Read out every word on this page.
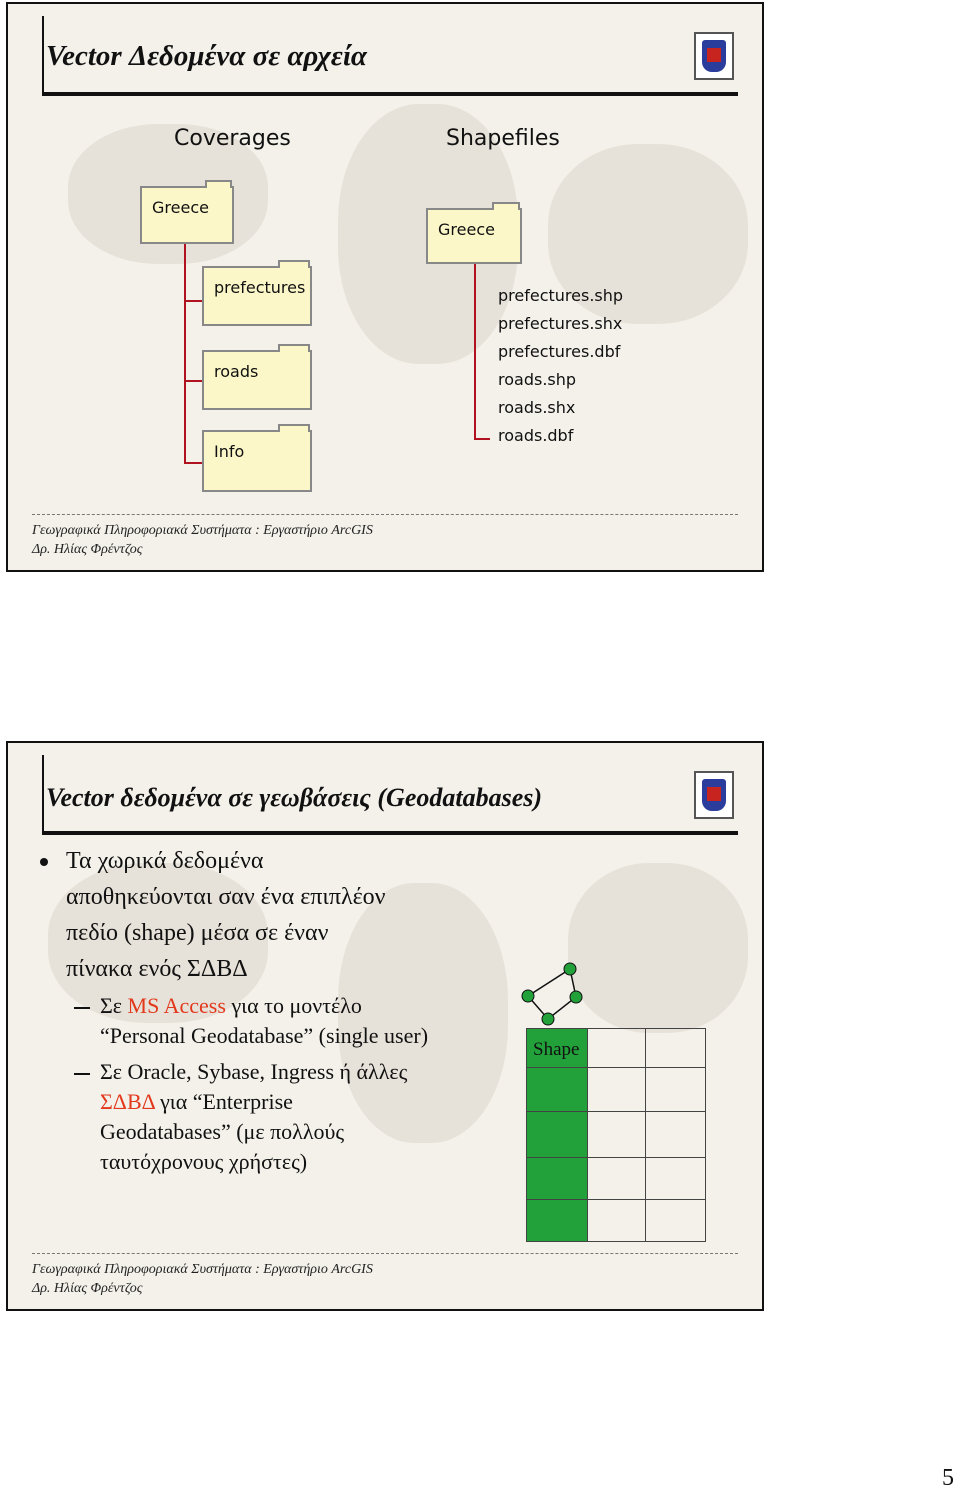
Vector Δεδομένα σε αρχεία
Coverages	Shapefiles
Greece
prefectures
roads
Info
Greece
prefectures.shp
prefectures.shx
prefectures.dbf
roads.shp
roads.shx
roads.dbf
Γεωγραφικά Πληροφοριακά Συστήματα : Εργαστήριο ArcGIS
Δρ. Ηλίας Φρέντζος
Vector δεδομένα σε γεωβάσεις (Geodatabases)
Τα χωρικά δεδομένα
αποθηκεύονται σαν ένα επιπλέον
πεδίο (shape) μέσα σε έναν
πίνακα ενός ΣΔΒΔ
Σε MS Access για το μοντέλο
“Personal Geodatabase” (single user)
Σε Oracle, Sybase, Ingress ή άλλες
ΣΔΒΔ για “Enterprise
Geodatabases” (με πολλούς
ταυτόχρονους χρήστες)
Shape
Γεωγραφικά Πληροφοριακά Συστήματα : Εργαστήριο ArcGIS
Δρ. Ηλίας Φρέντζος
5
